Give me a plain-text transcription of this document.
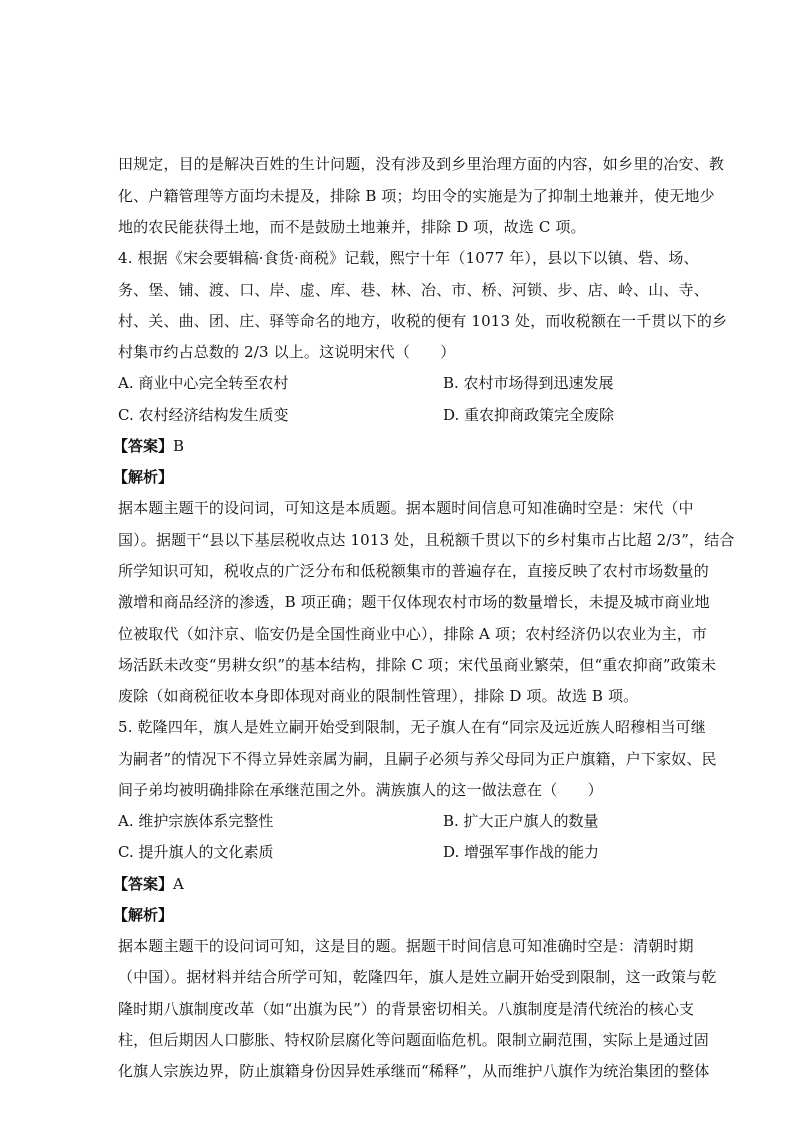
田规定，目的是解决百姓的生计问题，没有涉及到乡里治理方面的内容，如乡里的冶安、教
化、户籍管理等方面均未提及，排除 B 项；均田令的实施是为了抑制土地兼并，使无地少
地的农民能获得土地，而不是鼓励土地兼并，排除 D 项，故选 C 项。
4. 根据《宋会要辑稿·食货·商税》记载，熙宁十年（1077 年），县以下以镇、砦、场、
务、堡、铺、渡、口、岸、虚、库、巷、林、冶、市、桥、河锁、步、店、岭、山、寺、
村、关、曲、团、庄、驿等命名的地方，收税的便有 1013 处，而收税额在一千贯以下的乡
村集市约占总数的 2/3 以上。这说明宋代（　　）
A. 商业中心完全转至农村	B. 农村市场得到迅速发展
C. 农村经济结构发生质变	D. 重农抑商政策完全废除
【答案】B
【解析】
据本题主题干的设问词，可知这是本质题。据本题时间信息可知准确时空是：宋代（中
国）。据题干“县以下基层税收点达 1013 处，且税额千贯以下的乡村集市占比超 2/3”，结合
所学知识可知，税收点的广泛分布和低税额集市的普遍存在，直接反映了农村市场数量的
激增和商品经济的渗透，B 项正确；题干仅体现农村市场的数量增长，未提及城市商业地
位被取代（如汴京、临安仍是全国性商业中心），排除 A 项；农村经济仍以农业为主，市
场活跃未改变“男耕女织”的基本结构，排除 C 项；宋代虽商业繁荣，但“重农抑商”政策未
废除（如商税征收本身即体现对商业的限制性管理），排除 D 项。故选 B 项。
5. 乾隆四年，旗人是姓立嗣开始受到限制，无子旗人在有“同宗及远近族人昭穆相当可继
为嗣者”的情况下不得立异姓亲属为嗣，且嗣子必须与养父母同为正户旗籍，户下家奴、民
间子弟均被明确排除在承继范围之外。满族旗人的这一做法意在（　　）
A. 维护宗族体系完整性	B. 扩大正户旗人的数量
C. 提升旗人的文化素质	D. 增强军事作战的能力
【答案】A
【解析】
据本题主题干的设问词可知，这是目的题。据题干时间信息可知准确时空是：清朝时期
（中国）。据材料并结合所学可知，乾隆四年，旗人是姓立嗣开始受到限制，这一政策与乾
隆时期八旗制度改革（如“出旗为民”）的背景密切相关。八旗制度是清代统治的核心支
柱，但后期因人口膨胀、特权阶层腐化等问题面临危机。限制立嗣范围，实际上是通过固
化旗人宗族边界，防止旗籍身份因异姓承继而“稀释”，从而维护八旗作为统治集团的整体
